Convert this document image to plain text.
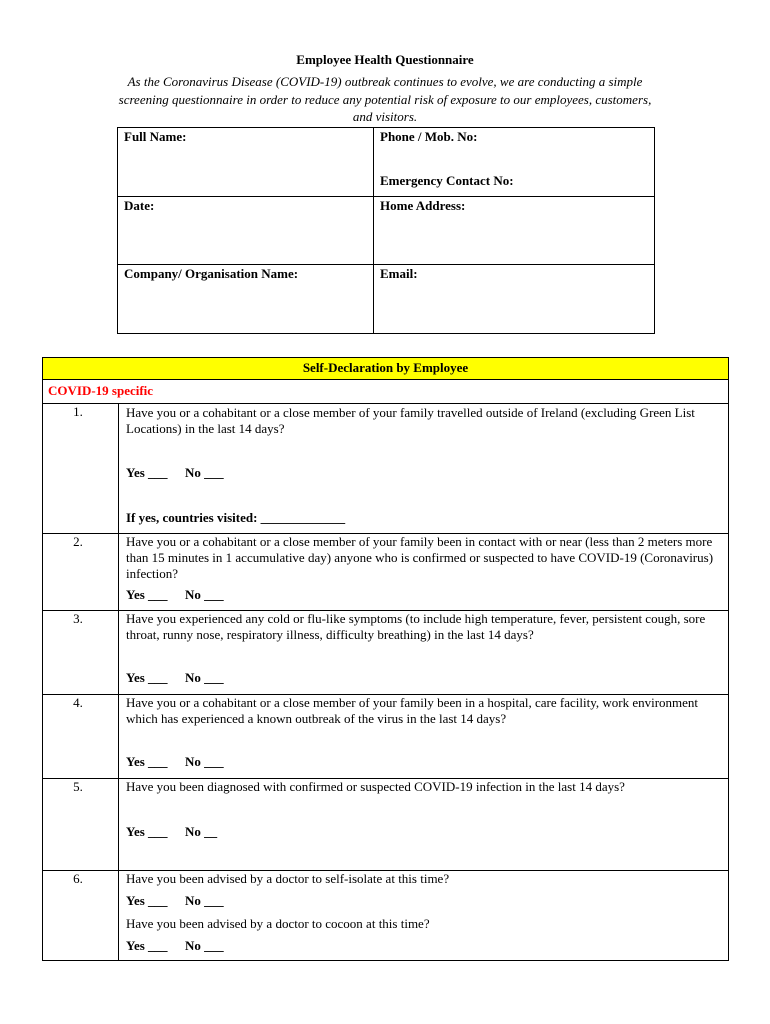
Employee Health Questionnaire
As the Coronavirus Disease (COVID-19) outbreak continues to evolve, we are conducting a simple
screening questionnaire in order to reduce any potential risk of exposure to our employees, customers,
and visitors.
Full Name:	Phone / Mob. No:
Emergency Contact No:
Date:	Home Address:
Company/ Organisation Name:	Email:
Self-Declaration by Employee
COVID-19 specific
1.	Have you or a cohabitant or a close member of your family travelled outside of Ireland (excluding Green List
Locations) in the last 14 days?
Yes ___ No ___
If yes, countries visited: _____________
2.	Have you or a cohabitant or a close member of your family been in contact with or near (less than 2 meters more
than 15 minutes in 1 accumulative day) anyone who is confirmed or suspected to have COVID-19 (Coronavirus)
infection?
Yes ___ No ___
3.	Have you experienced any cold or flu-like symptoms (to include high temperature, fever, persistent cough, sore
throat, runny nose, respiratory illness, difficulty breathing) in the last 14 days?
Yes ___ No ___
4.	Have you or a cohabitant or a close member of your family been in a hospital, care facility, work environment
which has experienced a known outbreak of the virus in the last 14 days?
Yes ___ No ___
5.	Have you been diagnosed with confirmed or suspected COVID-19 infection in the last 14 days?
Yes ___ No __
6.	Have you been advised by a doctor to self-isolate at this time?
Yes ___ No ___
Have you been advised by a doctor to cocoon at this time?
Yes ___ No ___
